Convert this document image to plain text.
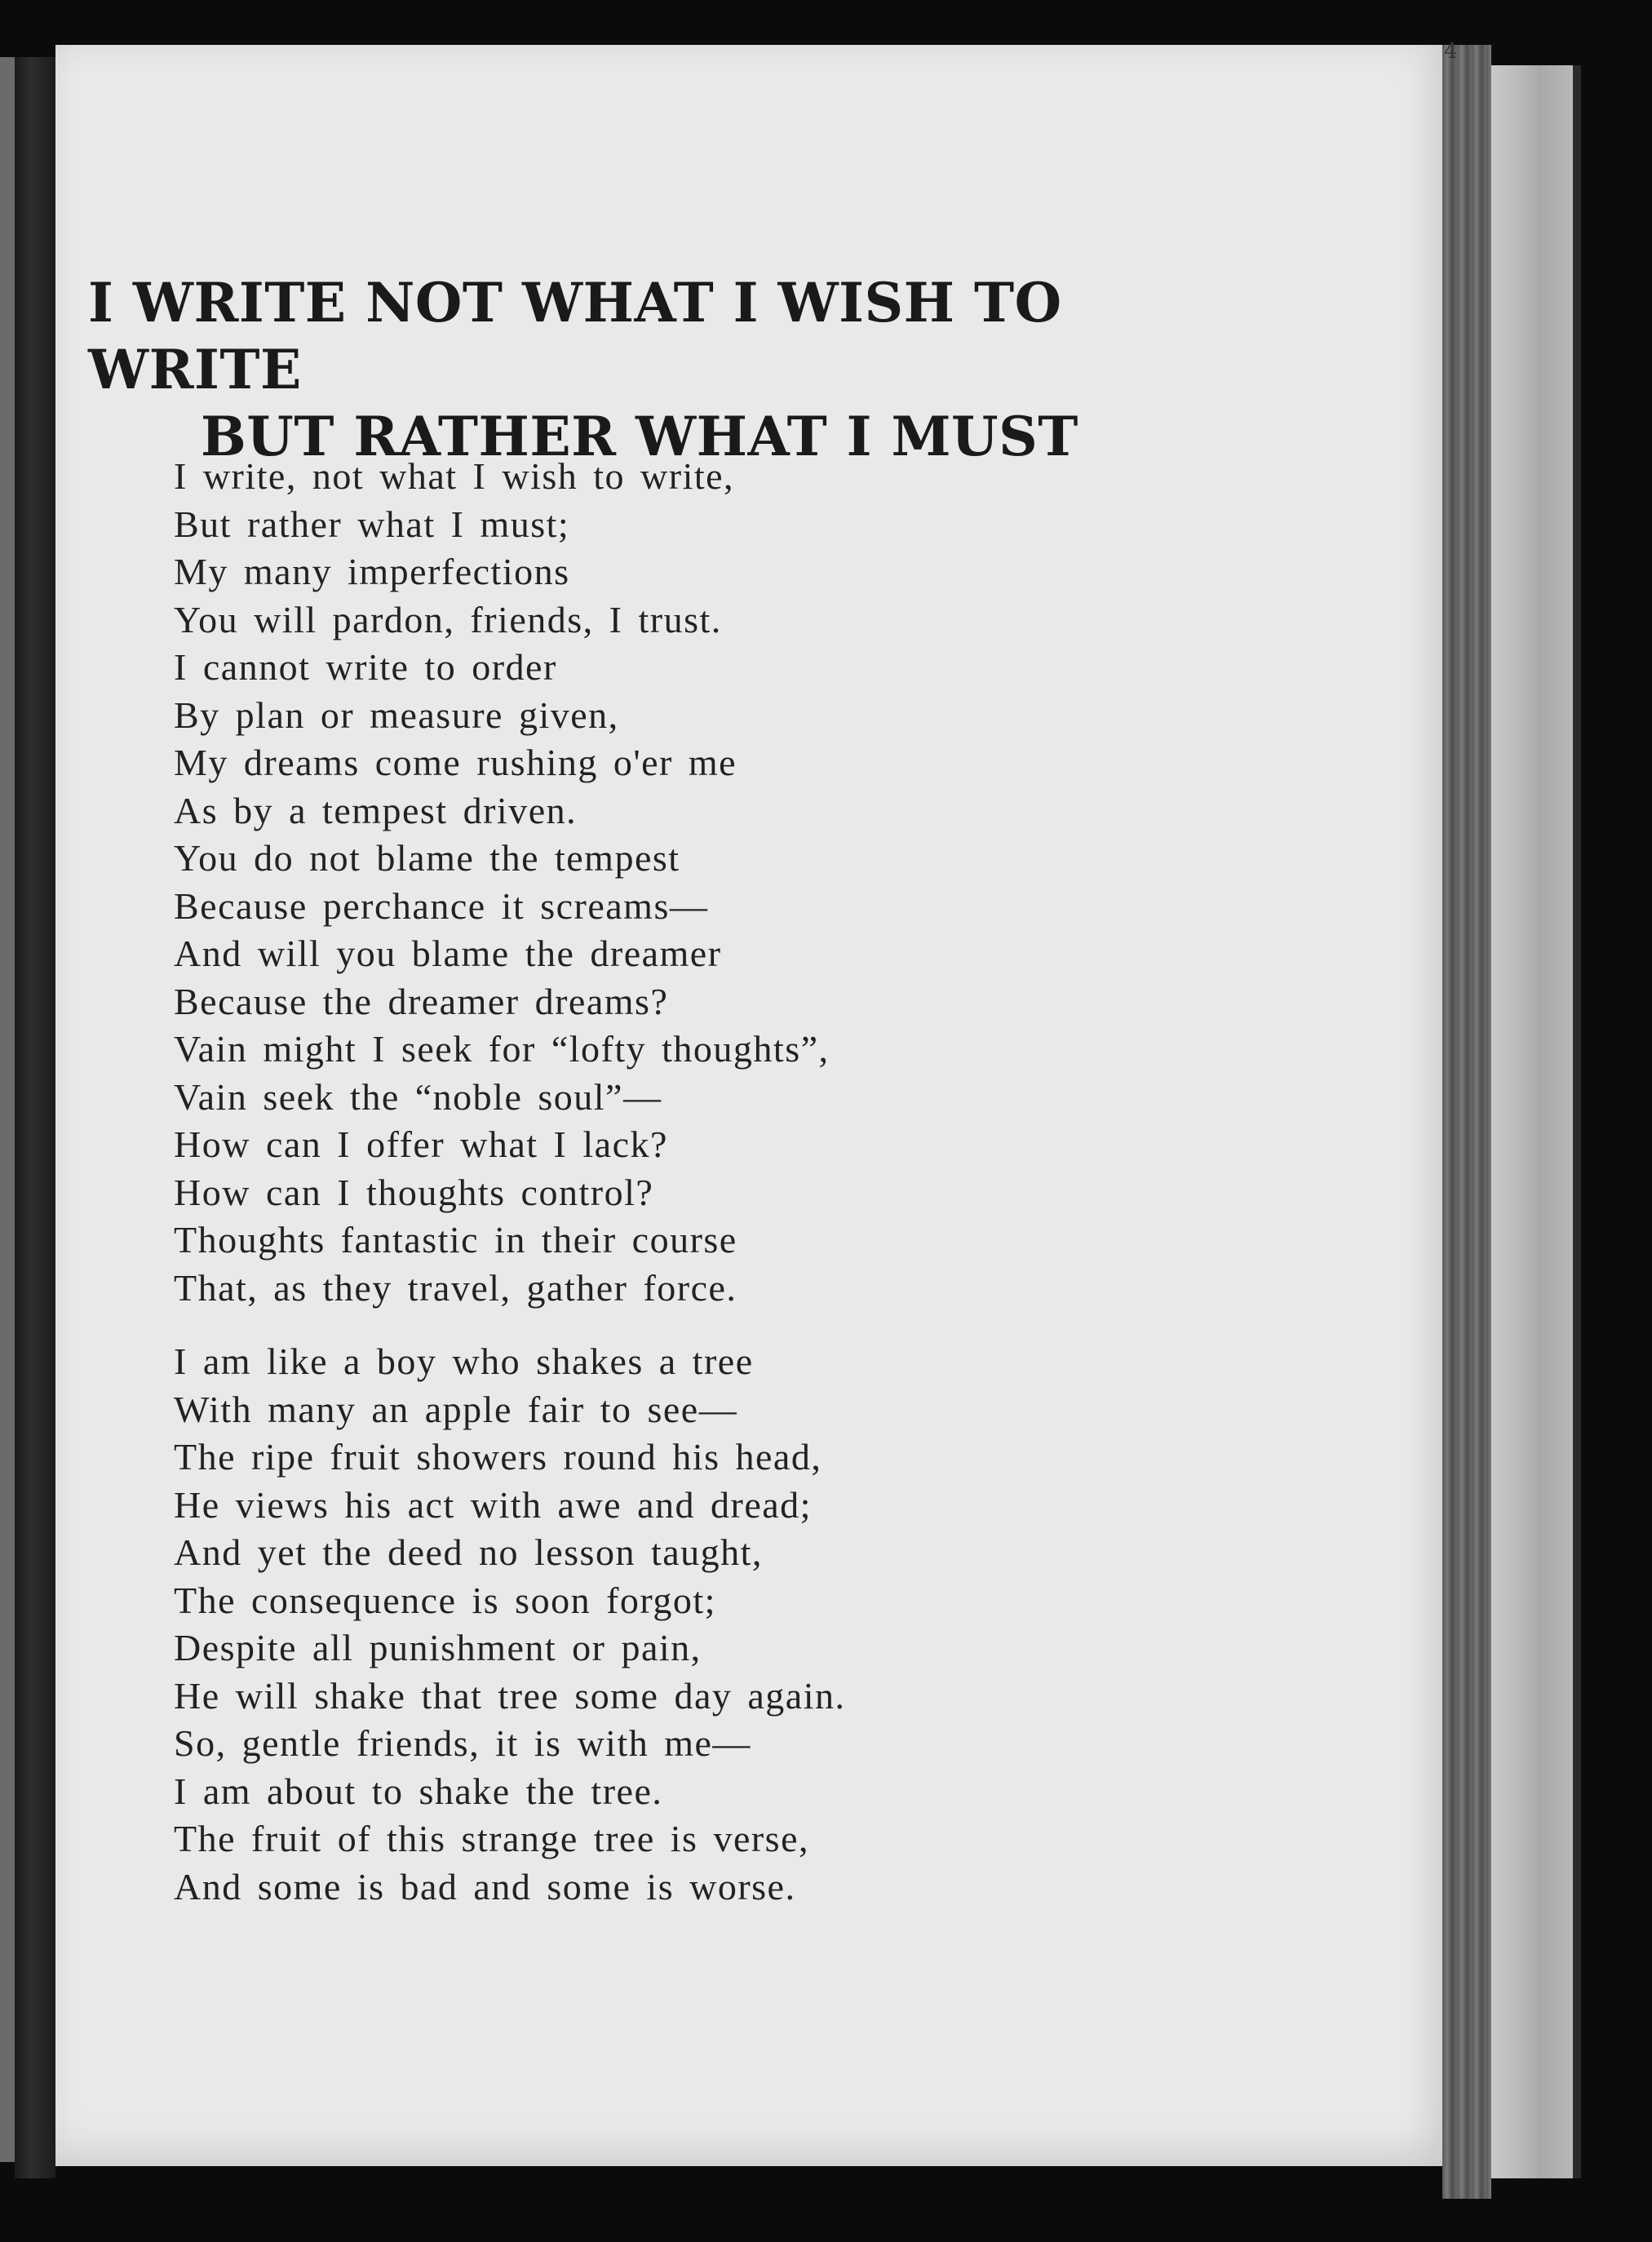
4
I WRITE NOT WHAT I WISH TO WRITE
BUT RATHER WHAT I MUST
I write, not what I wish to write,
But rather what I must;
My many imperfections
You will pardon, friends, I trust.
I cannot write to order
By plan or measure given,
My dreams come rushing o'er me
As by a tempest driven.
You do not blame the tempest
Because perchance it screams—
And will you blame the dreamer
Because the dreamer dreams?
Vain might I seek for “lofty thoughts”,
Vain seek the “noble soul”—
How can I offer what I lack?
How can I thoughts control?
Thoughts fantastic in their course
That, as they travel, gather force.
I am like a boy who shakes a tree
With many an apple fair to see—
The ripe fruit showers round his head,
He views his act with awe and dread;
And yet the deed no lesson taught,
The consequence is soon forgot;
Despite all punishment or pain,
He will shake that tree some day again.
So, gentle friends, it is with me—
I am about to shake the tree.
The fruit of this strange tree is verse,
And some is bad and some is worse.
